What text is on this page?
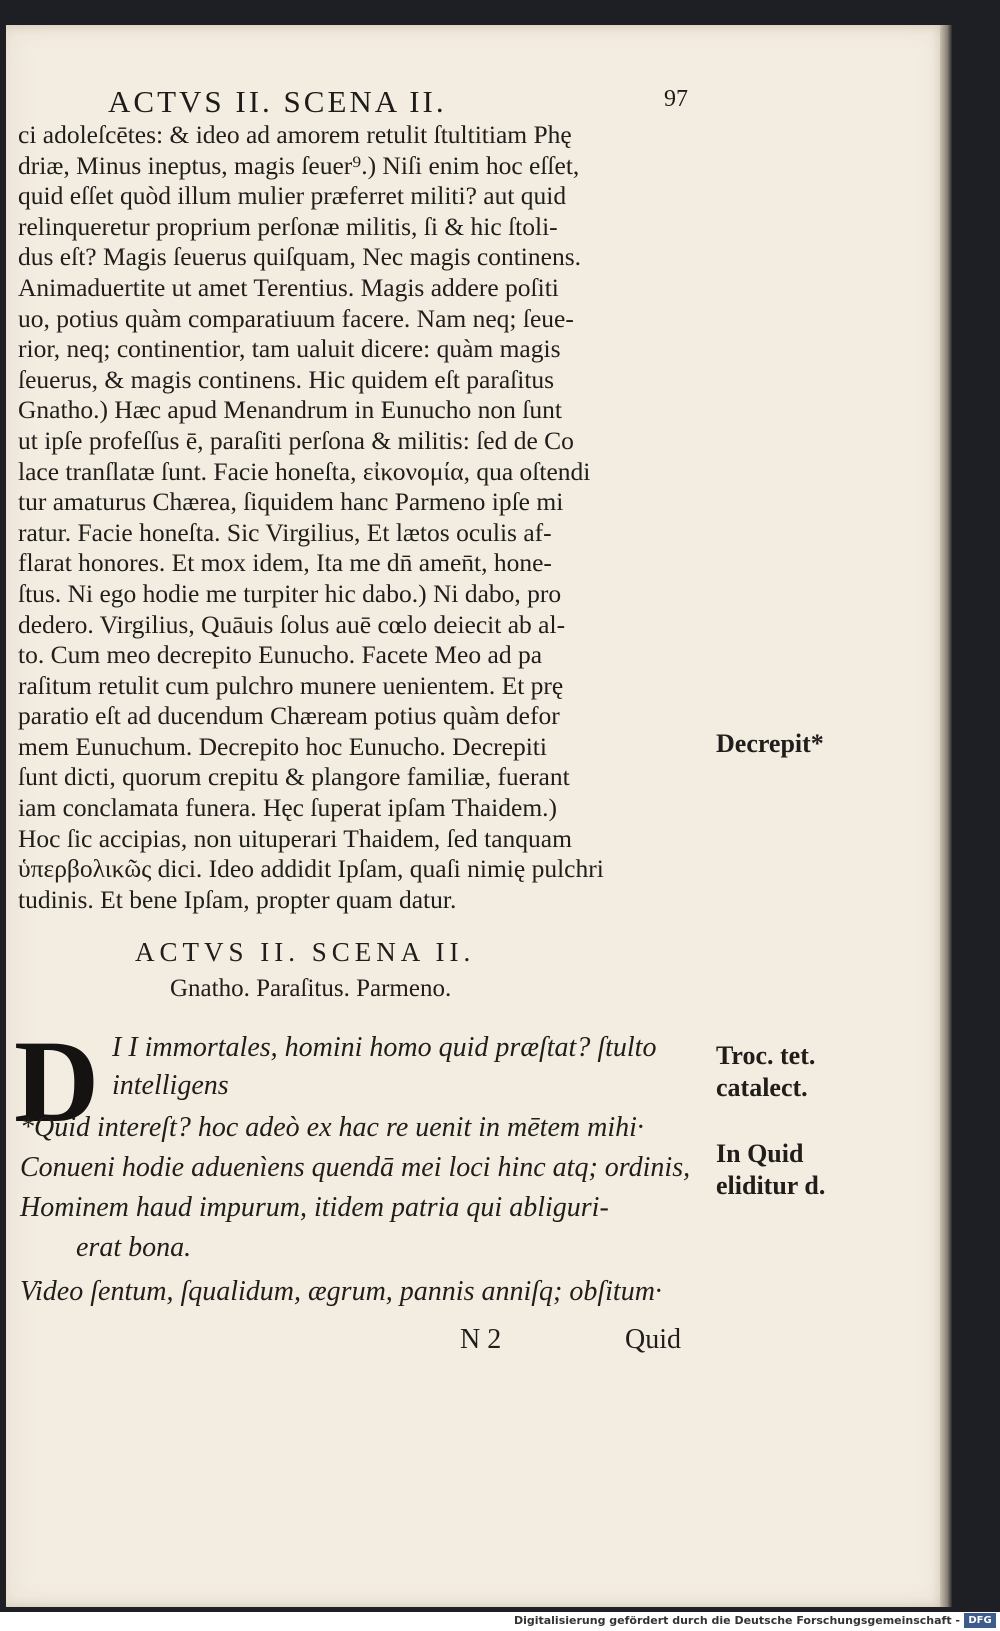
ACTVS II. SCENA II.	97
ci adoleſcētes: & ideo ad amorem retulit ſtultitiam Phę
driæ, Minus ineptus, magis ſeuer⁹.) Niſi enim hoc eſſet,
quid eſſet quòd illum mulier præferret militi? aut quid
relinqueretur proprium perſonæ militis, ſi & hic ſtoli-
dus eſt? Magis ſeuerus quiſquam, Nec magis continens.
Animaduertite ut amet Terentius. Magis addere poſiti
uo, potius quàm comparatiuum facere. Nam neq; ſeue-
rior, neq; continentior, tam ualuit dicere: quàm magis
ſeuerus, & magis continens. Hic quidem eſt paraſitus
Gnatho.) Hæc apud Menandrum in Eunucho non ſunt
ut ipſe profeſſus ē, paraſiti perſona & militis: ſed de Co
lace tranſlatæ ſunt. Facie honeſta, εἰκονομία, qua oſtendi
tur amaturus Chærea, ſiquidem hanc Parmeno ipſe mi
ratur. Facie honeſta. Sic Virgilius, Et lætos oculis af-
flarat honores. Et mox idem, Ita me dn̄ amen̄t, hone-
ſtus. Ni ego hodie me turpiter hic dabo.) Ni dabo, pro
dedero. Virgilius, Quāuis ſolus auē cœlo deiecit ab al-
to. Cum meo decrepito Eunucho. Facete Meo ad pa
raſitum retulit cum pulchro munere uenientem. Et prę
paratio eſt ad ducendum Chæream potius quàm defor
mem Eunuchum. Decrepito hoc Eunucho. Decrepiti
ſunt dicti, quorum crepitu & plangore familiæ, fuerant
iam conclamata funera. Hęc ſuperat ipſam Thaidem.)
Hoc ſic accipias, non uituperari Thaidem, ſed tanquam
ὑπερβολικῶς dici. Ideo addidit Ipſam, quaſi nimię pulchri
tudinis. Et bene Ipſam, propter quam datur.
ACTVS II. SCENA II.
Gnatho. Paraſitus. Parmeno.
D I I immortales, homini homo quid præſtat? ſtulto
intelligens
*Quid intereſt? hoc adeò ex hac re uenit in mētem mihi·
Conueni hodie aduenìens quendā mei loci hinc atq; ordinis,
Hominem haud impurum, itidem patria qui abliguri-
erat bona.
Video ſentum, ſqualidum, ægrum, pannis anniſq; obſitum·
N 2	Quid
Decrepit*
Troc. tet.
catalect.
In Quid
eliditur d.
Digitalisierung gefördert durch die Deutsche Forschungsgemeinschaft - DFG
